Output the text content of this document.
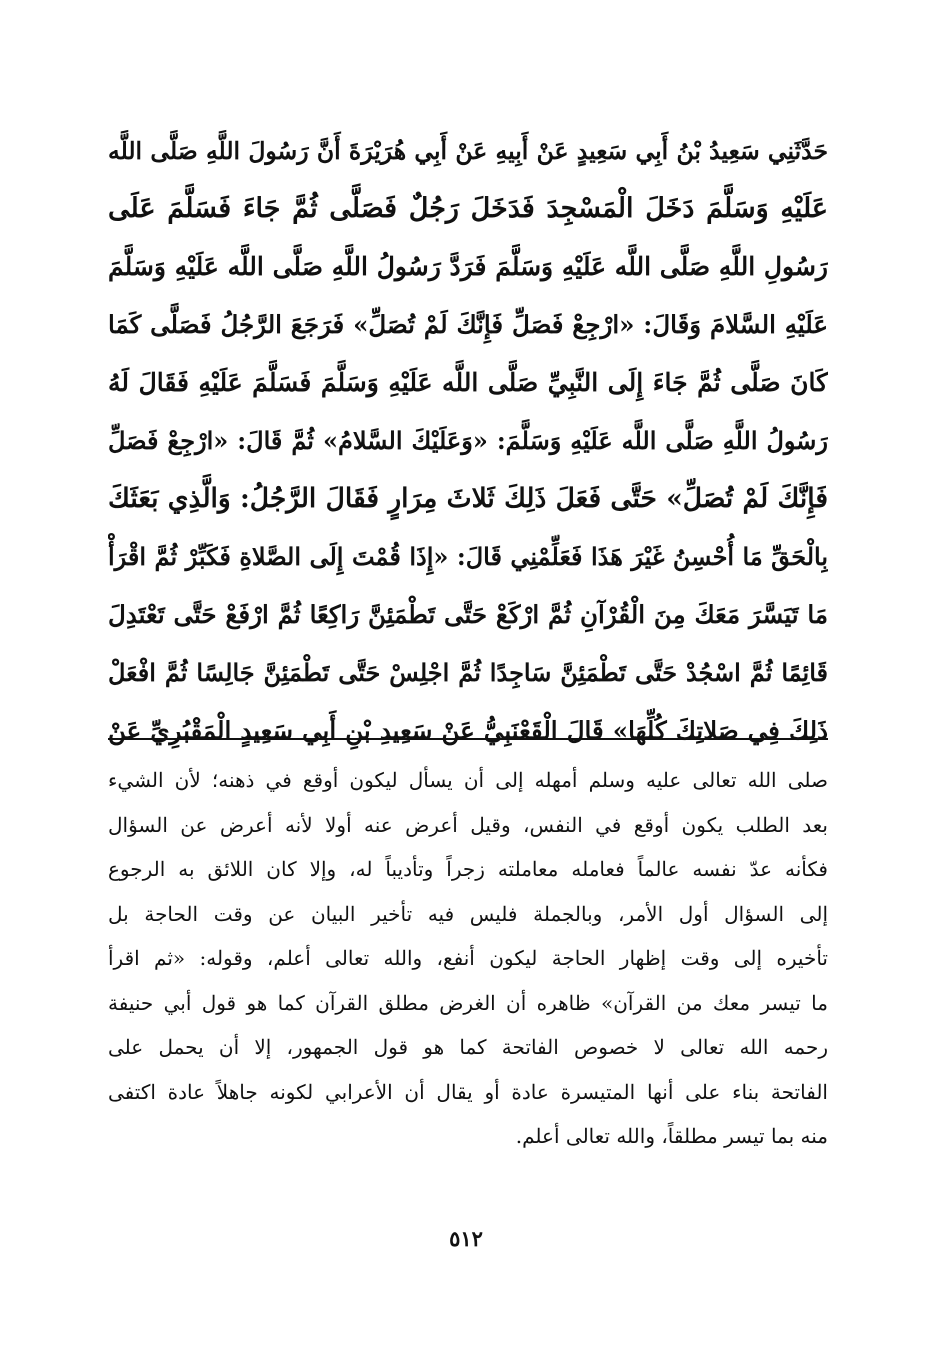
حَدَّثَنِي سَعِيدُ بْنُ أَبِي سَعِيدٍ عَنْ أَبِيهِ عَنْ أَبِي هُرَيْرَةَ أَنَّ رَسُولَ اللَّهِ صَلَّى اللَّه
عَلَيْهِ وَسَلَّمَ دَخَلَ الْمَسْجِدَ فَدَخَلَ رَجُلٌ فَصَلَّى ثُمَّ جَاءَ فَسَلَّمَ عَلَى
رَسُولِ اللَّهِ صَلَّى اللَّه عَلَيْهِ وَسَلَّمَ فَرَدَّ رَسُولُ اللَّهِ صَلَّى اللَّه عَلَيْهِ وَسَلَّمَ
عَلَيْهِ السَّلامَ وَقَالَ: «ارْجِعْ فَصَلِّ فَإِنَّكَ لَمْ تُصَلِّ» فَرَجَعَ الرَّجُلُ فَصَلَّى كَمَا
كَانَ صَلَّى ثُمَّ جَاءَ إِلَى النَّبِيِّ صَلَّى اللَّه عَلَيْهِ وَسَلَّمَ فَسَلَّمَ عَلَيْهِ فَقَالَ لَهُ
رَسُولُ اللَّهِ صَلَّى اللَّه عَلَيْهِ وَسَلَّمَ: «وَعَلَيْكَ السَّلامُ» ثُمَّ قَالَ: «ارْجِعْ فَصَلِّ
فَإِنَّكَ لَمْ تُصَلِّ» حَتَّى فَعَلَ ذَلِكَ ثَلاثَ مِرَارٍ فَقَالَ الرَّجُلُ: وَالَّذِي بَعَثَكَ
بِالْحَقِّ مَا أُحْسِنُ غَيْرَ هَذَا فَعَلِّمْنِي قَالَ: «إِذَا قُمْتَ إِلَى الصَّلاةِ فَكَبِّرْ ثُمَّ اقْرَأْ
مَا تَيَسَّرَ مَعَكَ مِنَ الْقُرْآنِ ثُمَّ ارْكَعْ حَتَّى تَطْمَئِنَّ رَاكِعًا ثُمَّ ارْفَعْ حَتَّى تَعْتَدِلَ
قَائِمًا ثُمَّ اسْجُدْ حَتَّى تَطْمَئِنَّ سَاجِدًا ثُمَّ اجْلِسْ حَتَّى تَطْمَئِنَّ جَالِسًا ثُمَّ افْعَلْ
ذَلِكَ فِي صَلاتِكَ كُلِّهَا» قَالَ الْقَعْنَبِيُّ عَنْ سَعِيدِ بْنِ أَبِي سَعِيدٍ الْمَقْبُرِيِّ عَنْ
صلى الله تعالى عليه وسلم أمهله إلى أن يسأل ليكون أوقع في ذهنه؛ لأن الشيء
بعد الطلب يكون أوقع في النفس، وقيل أعرض عنه أولا لأنه أعرض عن السؤال
فكأنه عدّ نفسه عالماً فعامله معاملته زجراً وتأديباً له، وإلا كان اللائق به الرجوع
إلى السؤال أول الأمر، وبالجملة فليس فيه تأخير البيان عن وقت الحاجة بل
تأخيره إلى وقت إظهار الحاجة ليكون أنفع، والله تعالى أعلم، وقوله: «ثم اقرأ
ما تيسر معك من القرآن» ظاهره أن الغرض مطلق القرآن كما هو قول أبي حنيفة
رحمه الله تعالى لا خصوص الفاتحة كما هو قول الجمهور، إلا أن يحمل على
الفاتحة بناء على أنها المتيسرة عادة أو يقال أن الأعرابي لكونه جاهلاً عادة اكتفى
منه بما تيسر مطلقاً، والله تعالى أعلم.
٥١٢
